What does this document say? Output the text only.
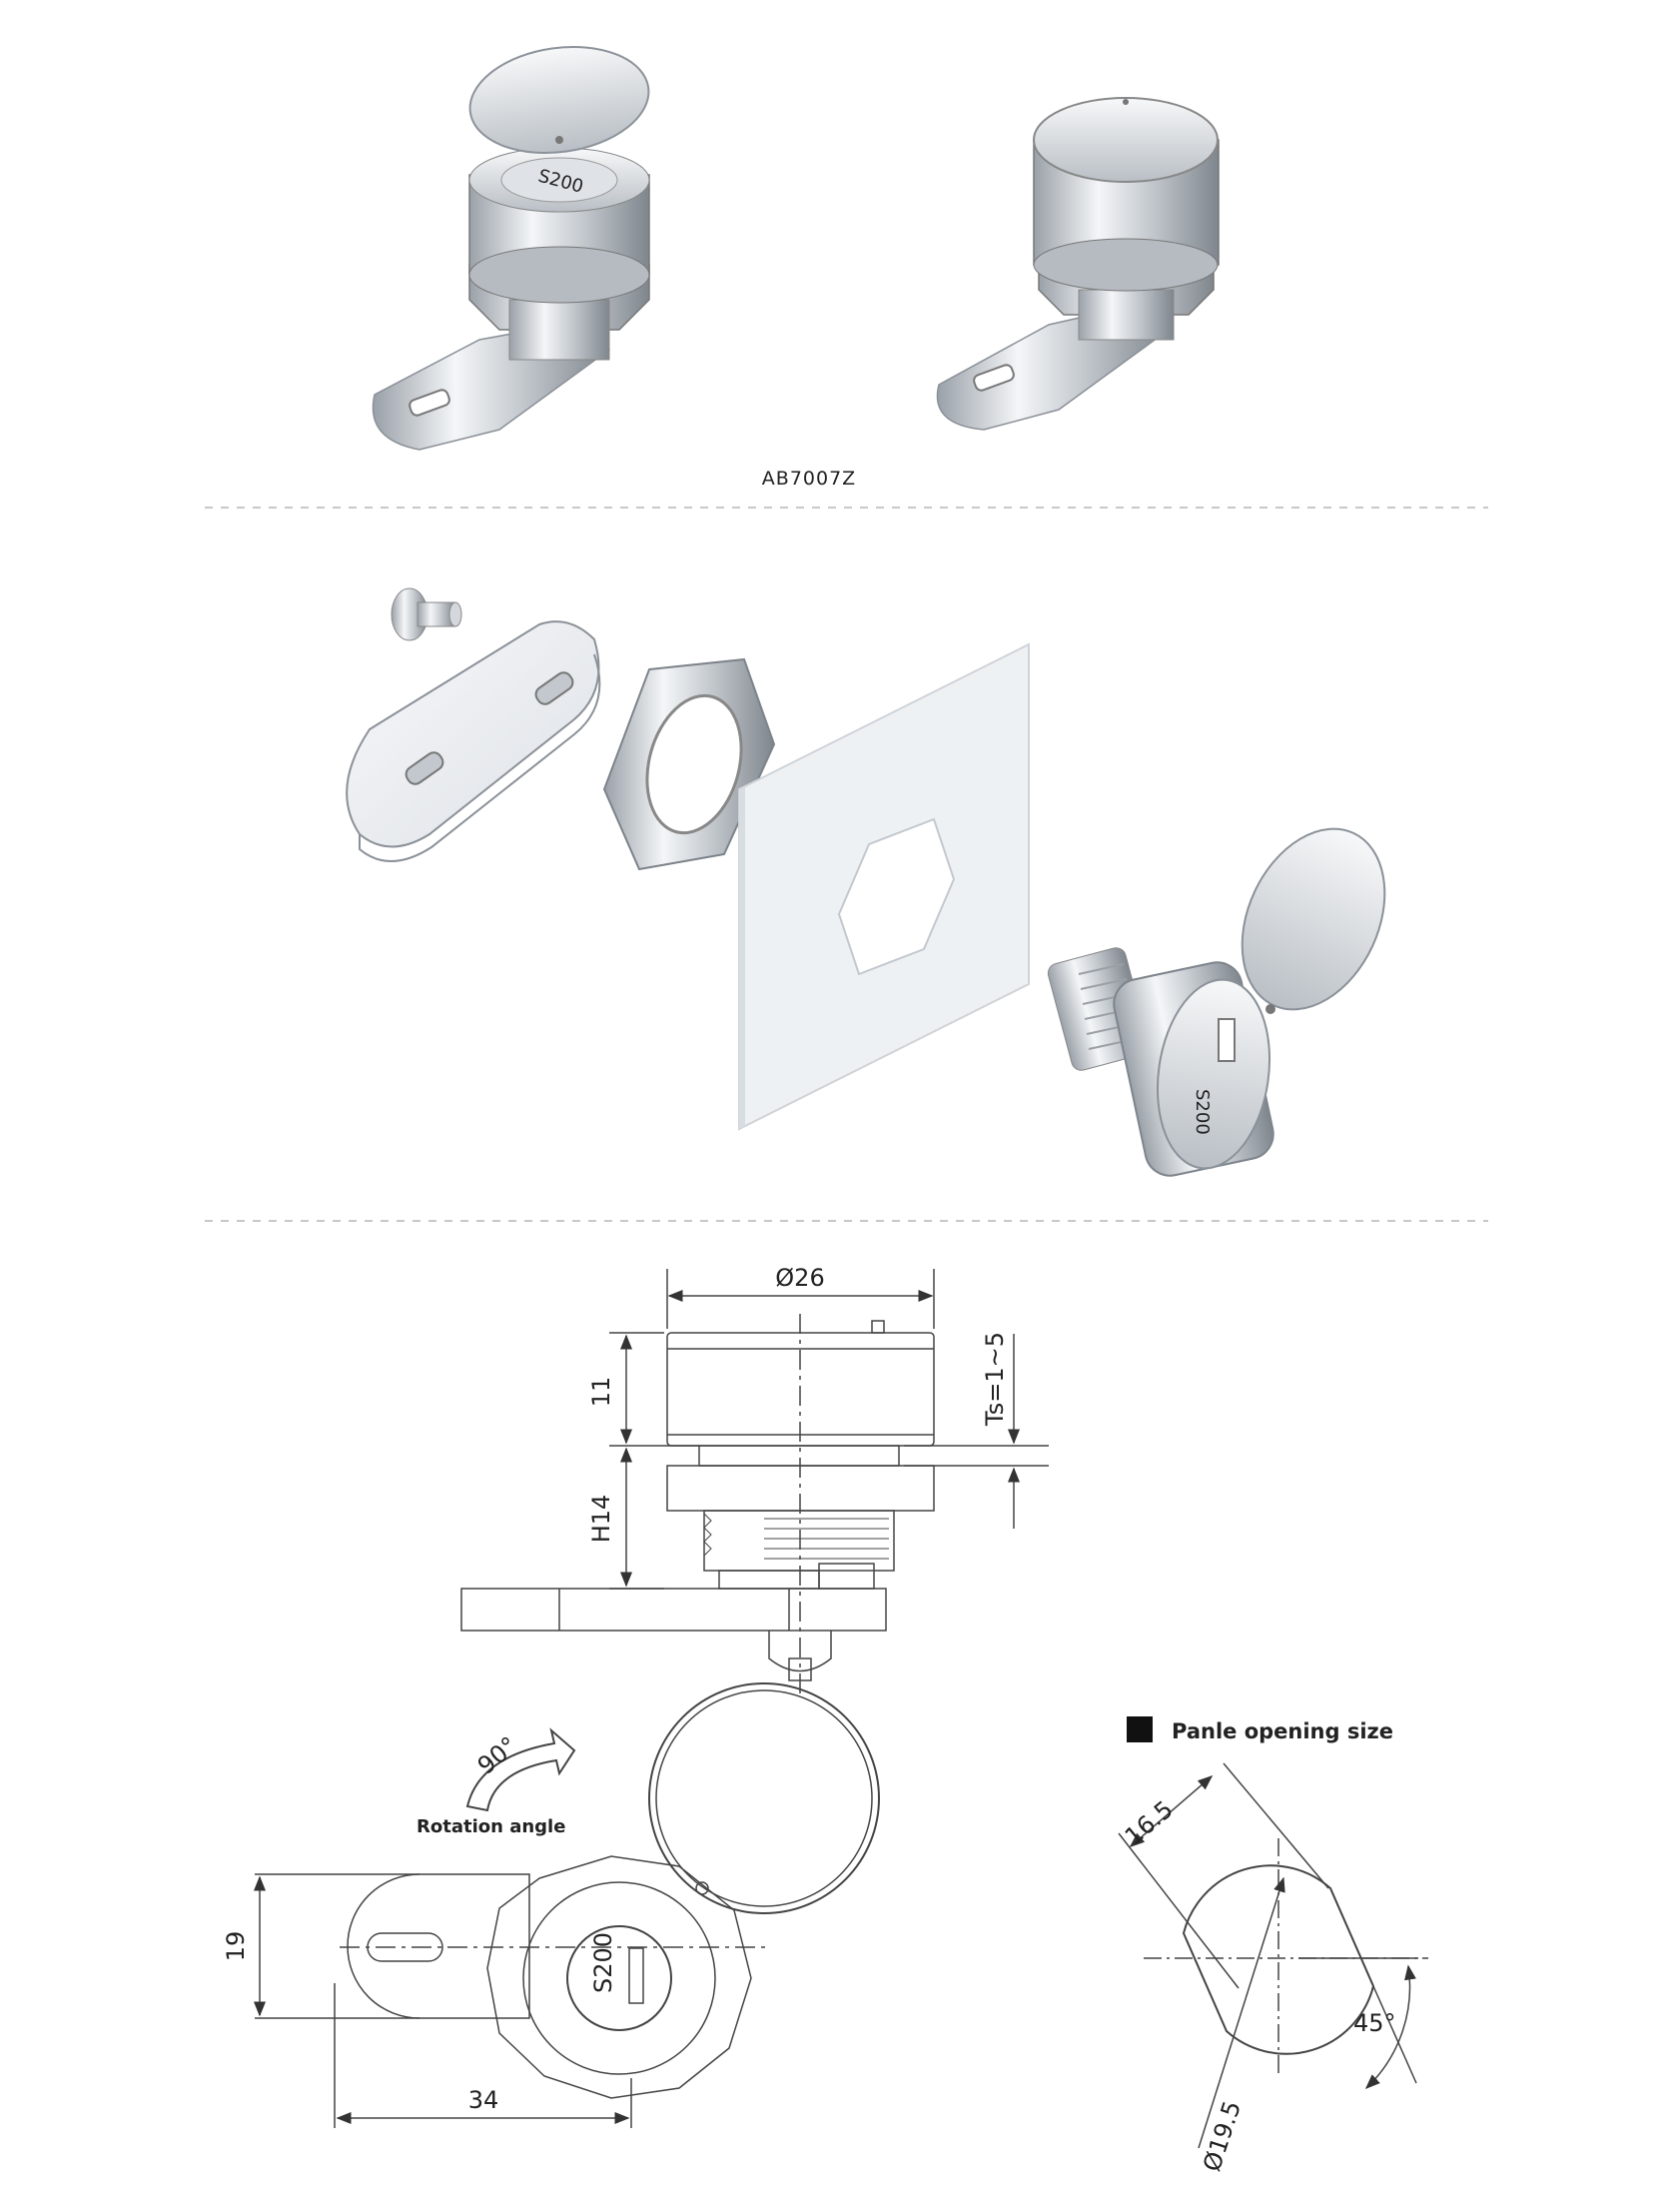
S200
S200
Ø26
11
H14
Ts=1~5
90°
Rotation angle
19
34
S200
Panle opening size
16.5
Ø19.5
45°
AB7007Z
